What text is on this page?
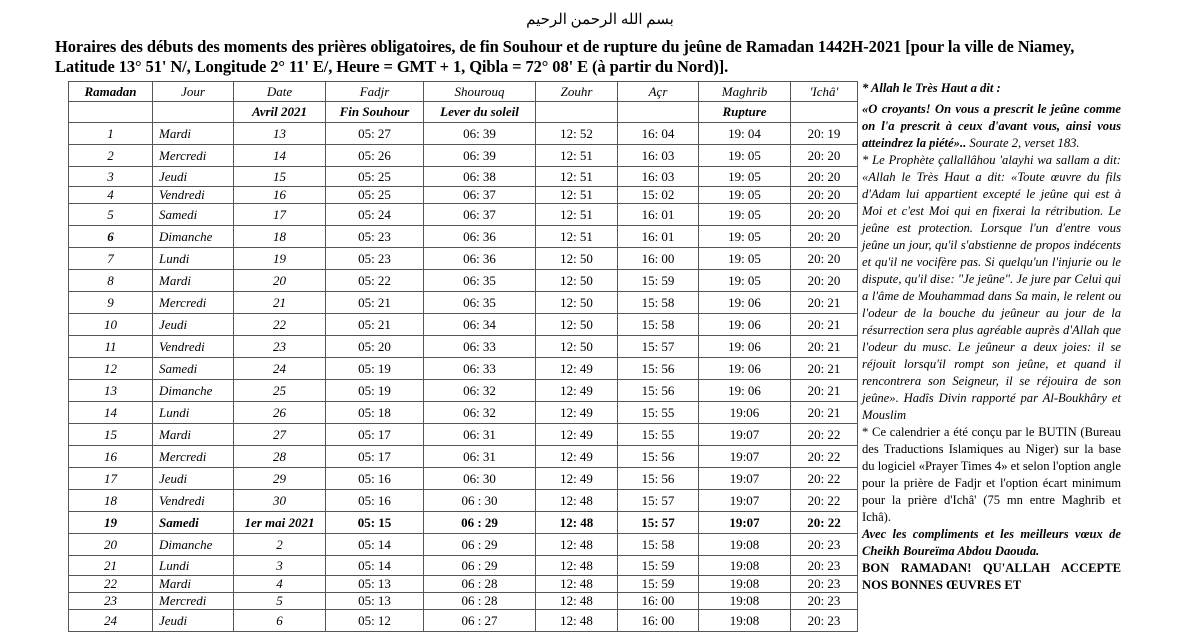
بسم الله الرحمن الرحيم
Horaires des débuts des moments des prières obligatoires, de fin Souhour et de rupture du jeûne de Ramadan 1442H-2021 [pour la ville de Niamey,
Latitude 13° 51' N/, Longitude 2° 11' E/, Heure = GMT + 1, Qibla = 72° 08' E (à partir du Nord)].
Ramadan	Jour	Date	Fadjr	Shourouq	Zouhr	Açr	Maghrib	'Ichâ'
		Avril 2021	Fin Souhour	Lever du soleil			Rupture	
1	Mardi	13	05: 27	06: 39	12: 52	16: 04	19: 04	20: 19
2	Mercredi	14	05: 26	06: 39	12: 51	16: 03	19: 05	20: 20
3	Jeudi	15	05: 25	06: 38	12: 51	16: 03	19: 05	20: 20
4	Vendredi	16	05: 25	06: 37	12: 51	15: 02	19: 05	20: 20
5	Samedi	17	05: 24	06: 37	12: 51	16: 01	19: 05	20: 20
6	Dimanche	18	05: 23	06: 36	12: 51	16: 01	19: 05	20: 20
7	Lundi	19	05: 23	06: 36	12: 50	16: 00	19: 05	20: 20
8	Mardi	20	05: 22	06: 35	12: 50	15: 59	19: 05	20: 20
9	Mercredi	21	05: 21	06: 35	12: 50	15: 58	19: 06	20: 21
10	Jeudi	22	05: 21	06: 34	12: 50	15: 58	19: 06	20: 21
11	Vendredi	23	05: 20	06: 33	12: 50	15: 57	19: 06	20: 21
12	Samedi	24	05: 19	06: 33	12: 49	15: 56	19: 06	20: 21
13	Dimanche	25	05: 19	06: 32	12: 49	15: 56	19: 06	20: 21
14	Lundi	26	05: 18	06: 32	12: 49	15: 55	19:06	20: 21
15	Mardi	27	05: 17	06: 31	12: 49	15: 55	19:07	20: 22
16	Mercredi	28	05: 17	06: 31	12: 49	15: 56	19:07	20: 22
17	Jeudi	29	05: 16	06: 30	12: 49	15: 56	19:07	20: 22
18	Vendredi	30	05: 16	06 : 30	12: 48	15: 57	19:07	20: 22
19	Samedi	1er mai 2021	05: 15	06 : 29	12: 48	15: 57	19:07	20: 22
20	Dimanche	2	05: 14	06 : 29	12: 48	15: 58	19:08	20: 23
21	Lundi	3	05: 14	06 : 29	12: 48	15: 59	19:08	20: 23
22	Mardi	4	05: 13	06 : 28	12: 48	15: 59	19:08	20: 23
23	Mercredi	5	05: 13	06 : 28	12: 48	16: 00	19:08	20: 23
24	Jeudi	6	05: 12	06 : 27	12: 48	16: 00	19:08	20: 23

* Allah le Très Haut a dit :

«O croyants! On vous a prescrit le jeûne comme on l'a prescrit à ceux d'avant vous, ainsi vous atteindrez la piété».. Sourate 2, verset 183.

* Le Prophète çallallâhou 'alayhi wa sallam a dit: «Allah le Très Haut a dit: «Toute œuvre du fils d'Adam lui appartient excepté le jeûne qui est à Moi et c'est Moi qui en fixerai la rétribution. Le jeûne est protection. Lorsque l'un d'entre vous jeûne un jour, qu'il s'abstienne de propos indécents et qu'il ne vocifère pas. Si quelqu'un l'injurie ou le dispute, qu'il dise: "Je jeûne". Je jure par Celui qui a l'âme de Mouhammad dans Sa main, le relent ou l'odeur de la bouche du jeûneur au jour de la résurrection sera plus agréable auprès d'Allah que l'odeur du musc. Le jeûneur a deux joies: il se réjouit lorsqu'il rompt son jeûne, et quand il rencontrera son Seigneur, il se réjouira de son jeûne». Hadîs Divin rapporté par Al-Boukhâry et Mouslim

* Ce calendrier a été conçu par le BUTIN (Bureau des Traductions Islamiques au Niger) sur la base du logiciel «Prayer Times 4» et selon l'option angle pour la prière de Fadjr et l'option écart minimum pour la prière d'Ichâ' (75 mn entre Maghrib et Ichâ).

Avec les compliments et les meilleurs vœux de Cheikh Boureïma Abdou Daouda.

BON RAMADAN! QU'ALLAH ACCEPTE NOS BONNES ŒUVRES ET
